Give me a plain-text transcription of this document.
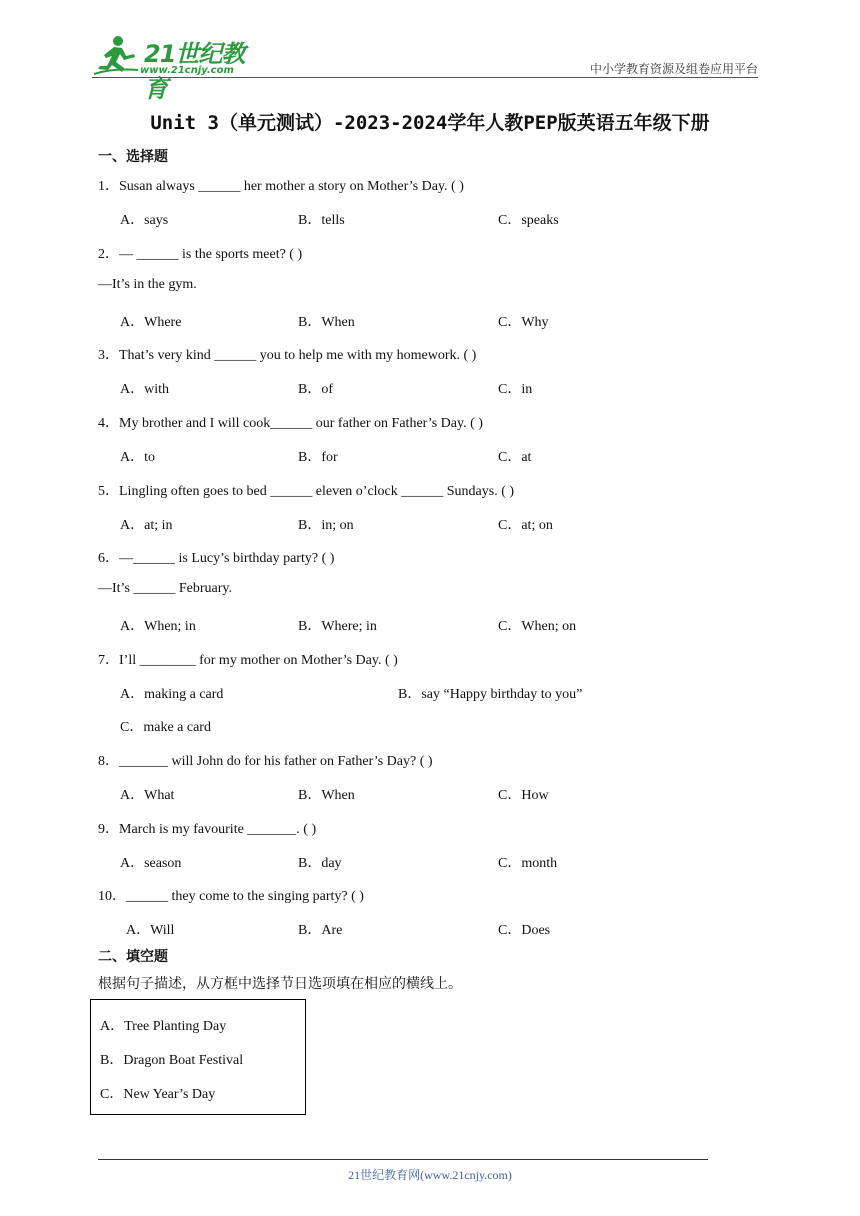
21世纪教育
www.21cnjy.com	中小学教育资源及组卷应用平台
Unit 3（单元测试）-2023-2024学年人教PEP版英语五年级下册
一、选择题
1．Susan always ______ her mother a story on Mother’s Day. ( )
A．says	B．tells	C．speaks
2．— ______ is the sports meet? ( )
—It’s in the gym.
A．Where	B．When	C．Why
3．That’s very kind ______ you to help me with my homework. ( )
A．with	B．of	C．in
4．My brother and I will cook______ our father on Father’s Day. ( )
A．to	B．for	C．at
5．Lingling often goes to bed ______ eleven o’clock ______ Sundays. ( )
A．at; in	B．in; on	C．at; on
6．—______ is Lucy’s birthday party? ( )
—It’s ______ February.
A．When; in	B．Where; in	C．When; on
7．I’ll ________ for my mother on Mother’s Day. ( )
A．making a card	B．say “Happy birthday to you”
C．make a card
8．_______ will John do for his father on Father’s Day? ( )
A．What	B．When	C．How
9．March is my favourite _______. ( )
A．season	B．day	C．month
10．______ they come to the singing party? ( )
A．Will	B．Are	C．Does
二、填空题
根据句子描述，从方框中选择节日选项填在相应的横线上。
A．Tree Planting Day
B．Dragon Boat Festival
C．New Year’s Day
21世纪教育网(www.21cnjy.com)
